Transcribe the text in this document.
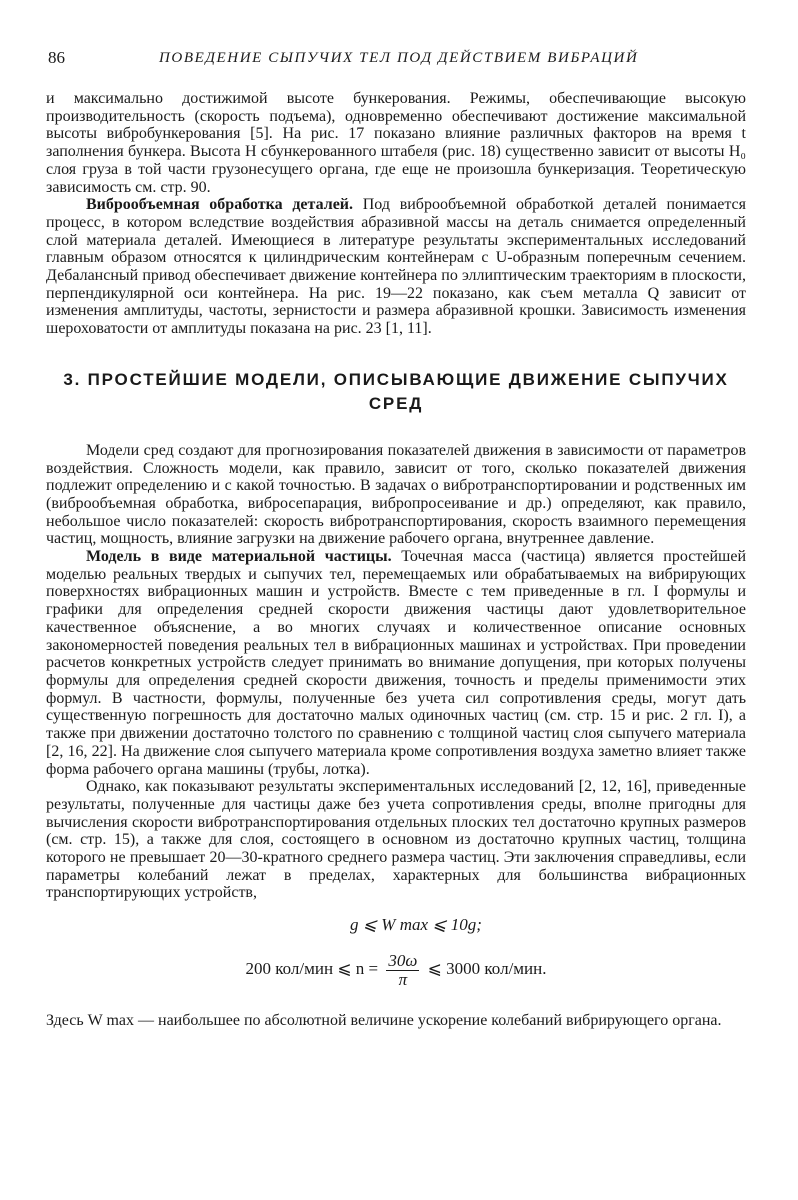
86	ПОВЕДЕНИЕ СЫПУЧИХ ТЕЛ ПОД ДЕЙСТВИЕМ ВИБРАЦИЙ

и максимально достижимой высоте бункерования. Режимы, обеспечивающие высокую производительность (скорость подъема), одновременно обеспечивают достижение максимальной высоты вибробункерования [5]. На рис. 17 показано влияние различных факторов на время t заполнения бункера. Высота H сбункерованного штабеля (рис. 18) существенно зависит от высоты H₀ слоя груза в той части грузонесущего органа, где еще не произошла бункеризация. Теоретическую зависимость см. стр. 90.

Виброобъемная обработка деталей. Под виброобъемной обработкой деталей понимается процесс, в котором вследствие воздействия абразивной массы на деталь снимается определенный слой материала деталей. Имеющиеся в литературе результаты экспериментальных исследований главным образом относятся к цилиндрическим контейнерам с U-образным поперечным сечением. Дебалансный привод обеспечивает движение контейнера по эллиптическим траекториям в плоскости, перпендикулярной оси контейнера. На рис. 19—22 показано, как съем металла Q зависит от изменения амплитуды, частоты, зернистости и размера абразивной крошки. Зависимость изменения шероховатости от амплитуды показана на рис. 23 [1, 11].

3. ПРОСТЕЙШИЕ МОДЕЛИ, ОПИСЫВАЮЩИЕ ДВИЖЕНИЕ СЫПУЧИХ СРЕД

Модели сред создают для прогнозирования показателей движения в зависимости от параметров воздействия. Сложность модели, как правило, зависит от того, сколько показателей движения подлежит определению и с какой точностью. В задачах о вибротранспортировании и родственных им (виброобъемная обработка, вибросепарация, вибропросеивание и др.) определяют, как правило, небольшое число показателей: скорость вибротранспортирования, скорость взаимного перемещения частиц, мощность, влияние загрузки на движение рабочего органа, внутреннее давление.

Модель в виде материальной частицы. Точечная масса (частица) является простейшей моделью реальных твердых и сыпучих тел, перемещаемых или обрабатываемых на вибрирующих поверхностях вибрационных машин и устройств. Вместе с тем приведенные в гл. I формулы и графики для определения средней скорости движения частицы дают удовлетворительное качественное объяснение, а во многих случаях и количественное описание основных закономерностей поведения реальных тел в вибрационных машинах и устройствах. При проведении расчетов конкретных устройств следует принимать во внимание допущения, при которых получены формулы для определения средней скорости движения, точность и пределы применимости этих формул. В частности, формулы, полученные без учета сил сопротивления среды, могут дать существенную погрешность для достаточно малых одиночных частиц (см. стр. 15 и рис. 2 гл. I), а также при движении достаточно толстого по сравнению с толщиной частиц слоя сыпучего материала [2, 16, 22]. На движение слоя сыпучего материала кроме сопротивления воздуха заметно влияет также форма рабочего органа машины (трубы, лотка).

Однако, как показывают результаты экспериментальных исследований [2, 12, 16], приведенные результаты, полученные для частицы даже без учета сопротивления среды, вполне пригодны для вычисления скорости вибротранспортирования отдельных плоских тел достаточно крупных размеров (см. стр. 15), а также для слоя, состоящего в основном из достаточно крупных частиц, толщина которого не превышает 20—30-кратного среднего размера частиц. Эти заключения справедливы, если параметры колебаний лежат в пределах, характерных для большинства вибрационных транспортирующих устройств,

g ⩽ W max ⩽ 10g;
200 кол/мин ⩽ $n = \frac{30\omega}{\pi}$ ⩽ 3000 кол/мин.

Здесь W max — наибольшее по абсолютной величине ускорение колебаний вибрирующего органа.
